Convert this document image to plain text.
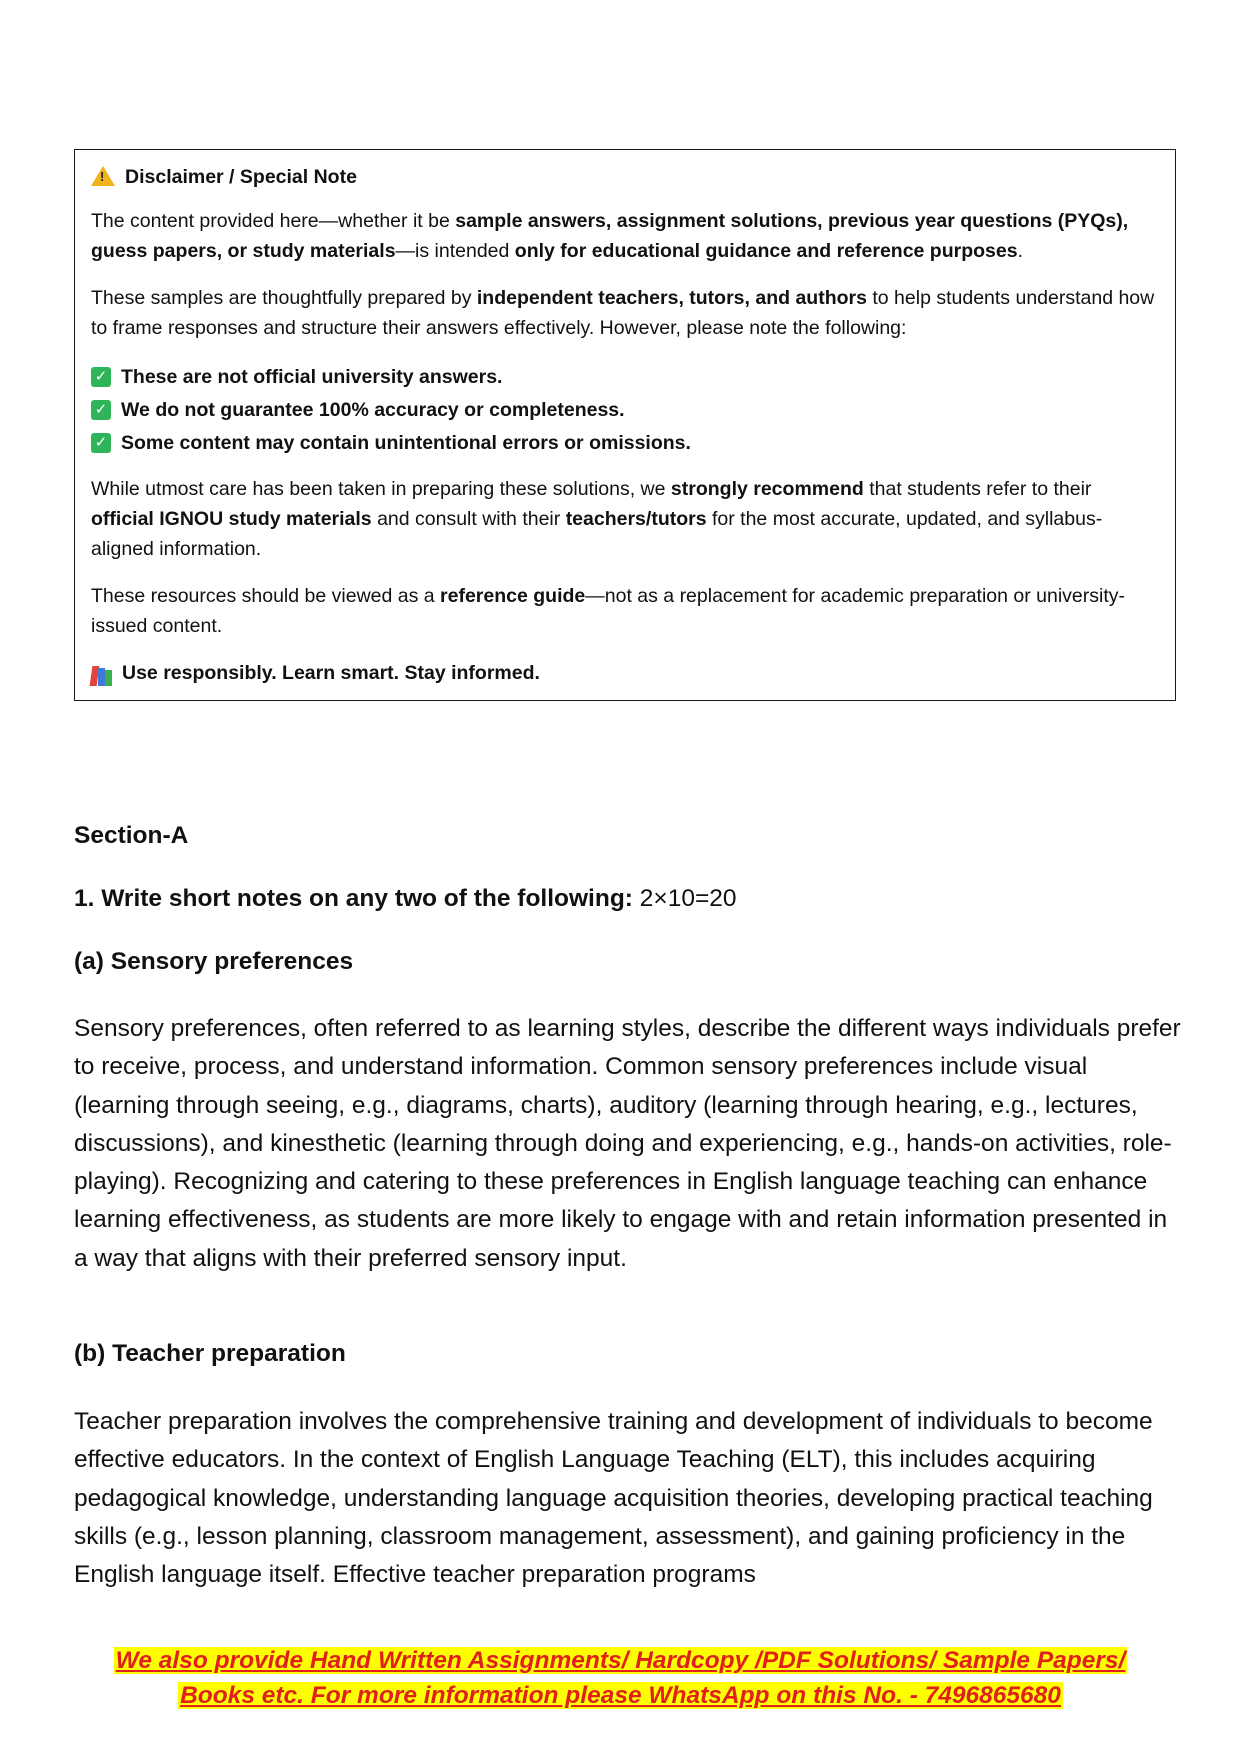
!
Disclaimer / Special Note

The content provided here—whether it be sample answers, assignment solutions, previous year questions (PYQs), guess papers, or study materials—is intended only for educational guidance and reference purposes.

These samples are thoughtfully prepared by independent teachers, tutors, and authors to help students understand how to frame responses and structure their answers effectively. However, please note the following:

✓ These are not official university answers.
✓ We do not guarantee 100% accuracy or completeness.
✓ Some content may contain unintentional errors or omissions.

While utmost care has been taken in preparing these solutions, we strongly recommend that students refer to their official IGNOU study materials and consult with their teachers/tutors for the most accurate, updated, and syllabus-aligned information.

These resources should be viewed as a reference guide—not as a replacement for academic preparation or university-issued content.

Use responsibly. Learn smart. Stay informed.

Section-A
1. Write short notes on any two of the following: 2×10=20
(a) Sensory preferences

Sensory preferences, often referred to as learning styles, describe the different ways individuals prefer to receive, process, and understand information. Common sensory preferences include visual (learning through seeing, e.g., diagrams, charts), auditory (learning through hearing, e.g., lectures, discussions), and kinesthetic (learning through doing and experiencing, e.g., hands-on activities, role-playing). Recognizing and catering to these preferences in English language teaching can enhance learning effectiveness, as students are more likely to engage with and retain information presented in a way that aligns with their preferred sensory input.

(b) Teacher preparation

Teacher preparation involves the comprehensive training and development of individuals to become effective educators. In the context of English Language Teaching (ELT), this includes acquiring pedagogical knowledge, understanding language acquisition theories, developing practical teaching skills (e.g., lesson planning, classroom management, assessment), and gaining proficiency in the English language itself. Effective teacher preparation programs

We also provide Hand Written Assignments/ Hardcopy /PDF Solutions/ Sample Papers/
Books etc. For more information please WhatsApp on this No. - 7496865680
